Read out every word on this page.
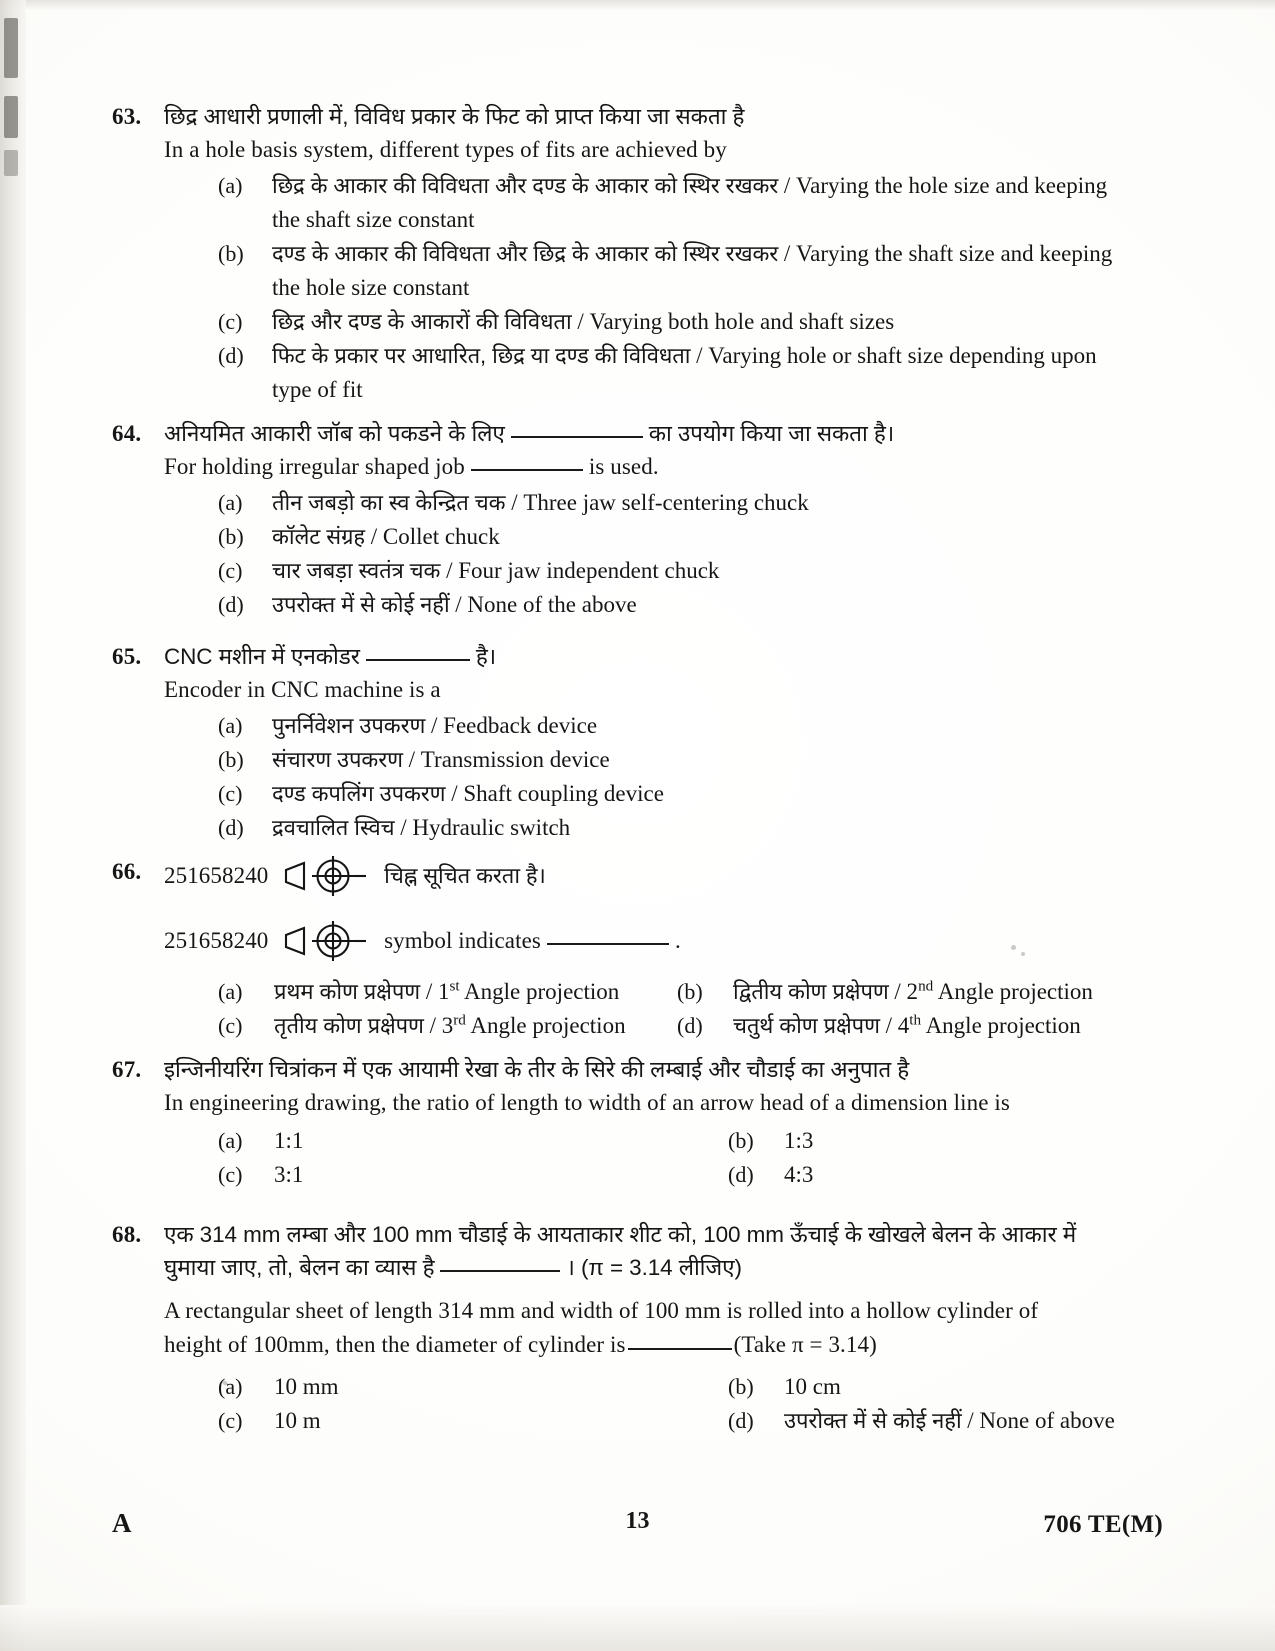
63.	छिद्र आधारी प्रणाली में, विविध प्रकार के फिट को प्राप्त किया जा सकता है
In a hole basis system, different types of fits are achieved by
(a)	छिद्र के आकार की विविधता और दण्ड के आकार को स्थिर रखकर / Varying the hole size and keeping the shaft size constant
(b)	दण्ड के आकार की विविधता और छिद्र के आकार को स्थिर रखकर / Varying the shaft size and keeping the hole size constant
(c)	छिद्र और दण्ड के आकारों की विविधता / Varying both hole and shaft sizes
(d)	फिट के प्रकार पर आधारित, छिद्र या दण्ड की विविधता / Varying hole or shaft size depending upon type of fit
64.	अनियमित आकारी जॉब को पकडने के लिए	का उपयोग किया जा सकता है।
For holding irregular shaped job	is used.
(a)	तीन जबड़ो का स्व केन्द्रित चक / Three jaw self-centering chuck
(b)	कॉलेट संग्रह / Collet chuck
(c)	चार जबड़ा स्वतंत्र चक / Four jaw independent chuck
(d)	उपरोक्त में से कोई नहीं / None of the above
65.	CNC मशीन में एनकोडर	है।
Encoder in CNC machine is a
(a)	पुनर्निवेशन उपकरण / Feedback device
(b)	संचारण उपकरण / Transmission device
(c)	दण्ड कपलिंग उपकरण / Shaft coupling device
(d)	द्रवचालित स्विच / Hydraulic switch
66. 251658240	चिह्न सूचित करता है।
251658240	symbol indicates	.
(a)	प्रथम कोण प्रक्षेपण / 1st Angle projection	(b)	द्वितीय कोण प्रक्षेपण / 2nd Angle projection
(c)	तृतीय कोण प्रक्षेपण / 3rd Angle projection	(d)	चतुर्थ कोण प्रक्षेपण / 4th Angle projection
67.	इन्जिनीयरिंग चित्रांकन में एक आयामी रेखा के तीर के सिरे की लम्बाई और चौडाई का अनुपात है
In engineering drawing, the ratio of length to width of an arrow head of a dimension line is
(a)	1:1	(b)	1:3
(c)	3:1	(d)	4:3
68.	एक 314 mm लम्बा और 100 mm चौडाई के आयताकार शीट को, 100 mm ऊँचाई के खोखले बेलन के आकार में
घुमाया जाए, तो, बेलन का व्यास है	। (π = 3.14 लीजिए)
A rectangular sheet of length 314 mm and width of 100 mm is rolled into a hollow cylinder of
height of 100mm, then the diameter of cylinder is	(Take π = 3.14)
(a)	10 mm	(b)	10 cm
(c)	10 m	(d)	उपरोक्त में से कोई नहीं / None of above
A	13	706 TE(M)
